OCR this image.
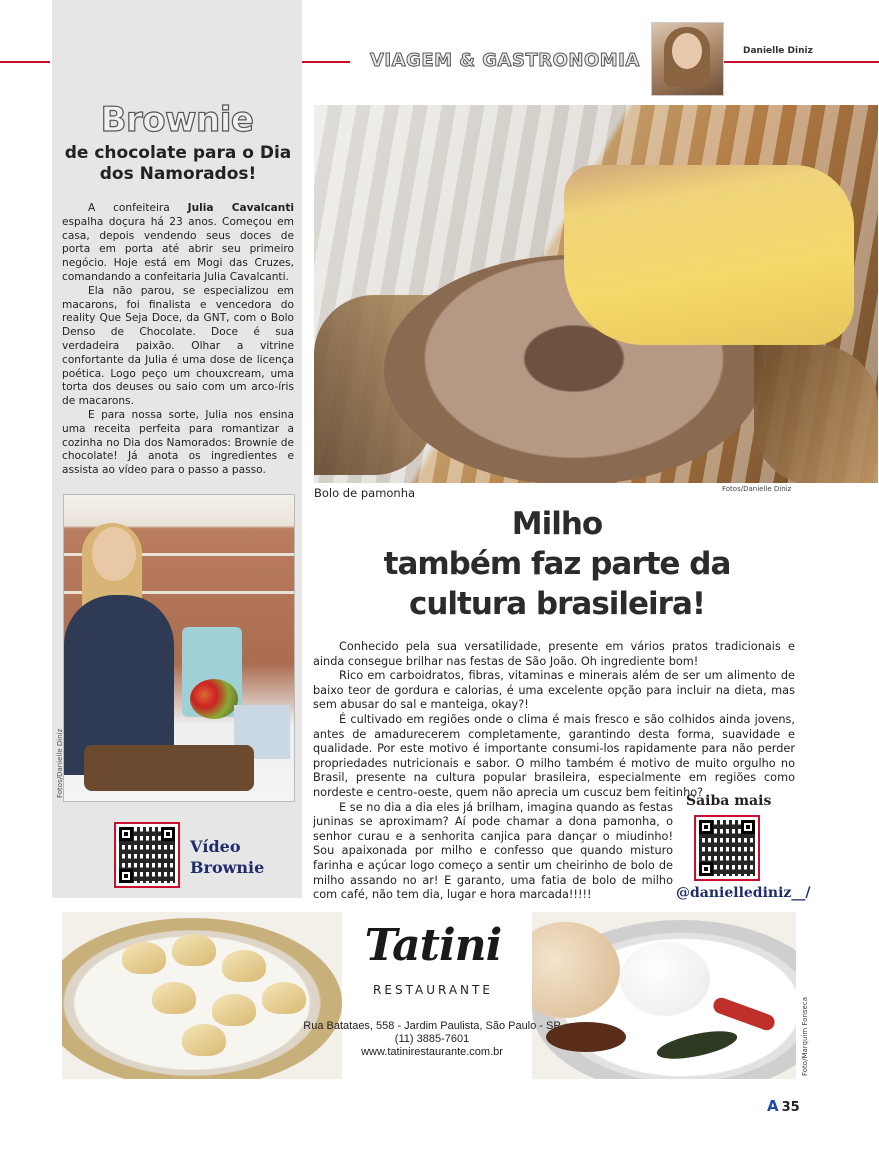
VIAGEM & GASTRONOMIA	Danielle Diniz
Brownie
de chocolate para o Dia dos Namorados!

A confeiteira Julia Cavalcanti espalha doçura há 23 anos. Começou em casa, depois vendendo seus doces de porta em porta até abrir seu primeiro negócio. Hoje está em Mogi das Cruzes, comandando a confeitaria Julia Cavalcanti.

Ela não parou, se especializou em macarons, foi finalista e vencedora do reality Que Seja Doce, da GNT, com o Bolo Denso de Chocolate. Doce é sua verdadeira paixão. Olhar a vitrine confortante da Julia é uma dose de licença poética. Logo peço um chouxcream, uma torta dos deuses ou saio com um arco-íris de macarons.

E para nossa sorte, Julia nos ensina uma receita perfeita para romantizar a cozinha no Dia dos Namorados: Brownie de chocolate! Já anota os ingredientes e assista ao vídeo para o passo a passo.

Fotos/Danielle Diniz
Vídeo
Brownie
Bolo de pamonha	Fotos/Danielle Diniz
Milho
também faz parte da
cultura brasileira!

Conhecido pela sua versatilidade, presente em vários pratos tradicionais e ainda consegue brilhar nas festas de São João. Oh ingrediente bom!

Rico em carboidratos, fibras, vitaminas e minerais além de ser um alimento de baixo teor de gordura e calorias, é uma excelente opção para incluir na dieta, mas sem abusar do sal e manteiga, okay?!

É cultivado em regiões onde o clima é mais fresco e são colhidos ainda jovens, antes de amadurecerem completamente, garantindo desta forma, suavidade e qualidade. Por este motivo é importante consumi-los rapidamente para não perder propriedades nutricionais e sabor. O milho também é motivo de muito orgulho no Brasil, presente na cultura popular brasileira, especialmente em regiões como nordeste e centro-oeste, quem não aprecia um cuscuz bem feitinho?

E se no dia a dia eles já brilham, imagina quando as festas juninas se aproximam? Aí pode chamar a dona pamonha, o senhor curau e a senhorita canjica para dançar o miudinho! Sou apaixonada por milho e confesso que quando misturo farinha e açúcar logo começo a sentir um cheirinho de bolo de milho assando no ar! E garanto, uma fatia de bolo de milho com café, não tem dia, lugar e hora marcada!!!!!

Saiba mais
@daniellediniz__/
Tatini
RESTAURANTE
Rua Batataes, 558 - Jardim Paulista, São Paulo - SP
(11) 3885-7601
www.tatinirestaurante.com.br	Foto/Marquim Fonseca
A 35
